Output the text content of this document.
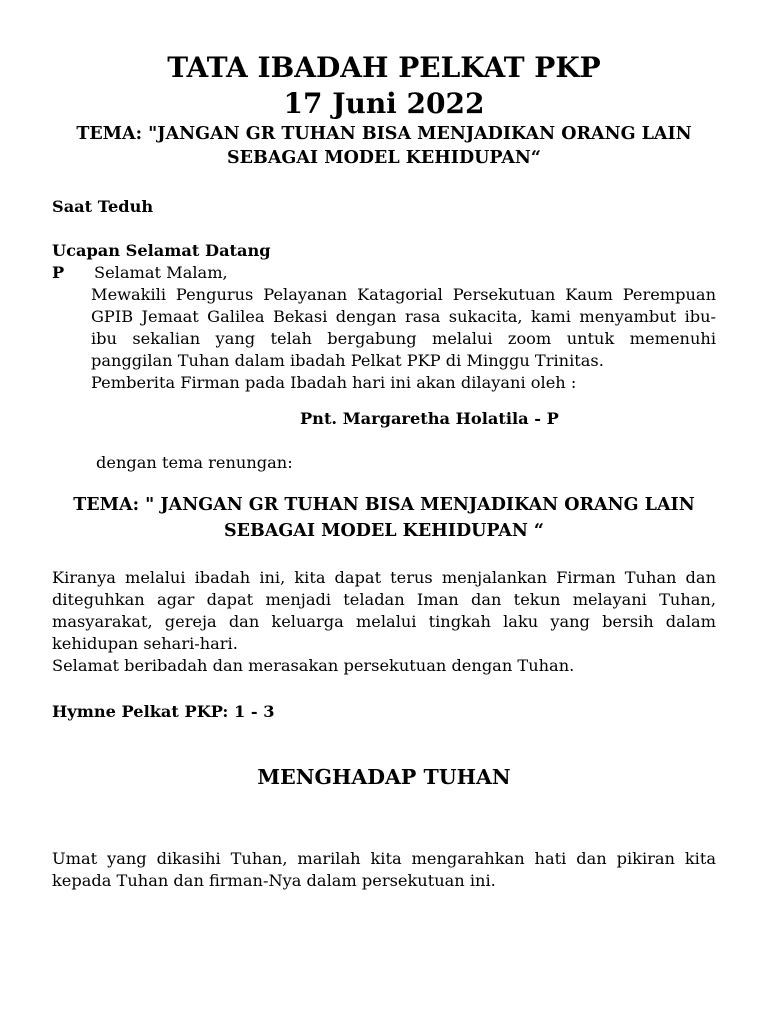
TATA IBADAH PELKAT PKP
17 Juni 2022
TEMA: "JANGAN GR TUHAN BISA MENJADIKAN ORANG LAIN
SEBAGAI MODEL KEHIDUPAN“
Saat Teduh
Ucapan Selamat Datang
P Selamat Malam,
Mewakili Pengurus Pelayanan Katagorial Persekutuan Kaum Perempuan
GPIB Jemaat Galilea Bekasi dengan rasa sukacita, kami menyambut ibu-
ibu sekalian yang telah bergabung melalui zoom untuk memenuhi
panggilan Tuhan dalam ibadah Pelkat PKP di Minggu Trinitas.
Pemberita Firman pada Ibadah hari ini akan dilayani oleh :
Pnt. Margaretha Holatila - P
dengan tema renungan:
TEMA: " JANGAN GR TUHAN BISA MENJADIKAN ORANG LAIN
SEBAGAI MODEL KEHIDUPAN “
Kiranya melalui ibadah ini, kita dapat terus menjalankan Firman Tuhan dan
diteguhkan agar dapat menjadi teladan Iman dan tekun melayani Tuhan,
masyarakat, gereja dan keluarga melalui tingkah laku yang bersih dalam
kehidupan sehari-hari.
Selamat beribadah dan merasakan persekutuan dengan Tuhan.
Hymne Pelkat PKP: 1 - 3
MENGHADAP TUHAN
Umat yang dikasihi Tuhan, marilah kita mengarahkan hati dan pikiran kita
kepada Tuhan dan firman-Nya dalam persekutuan ini.
